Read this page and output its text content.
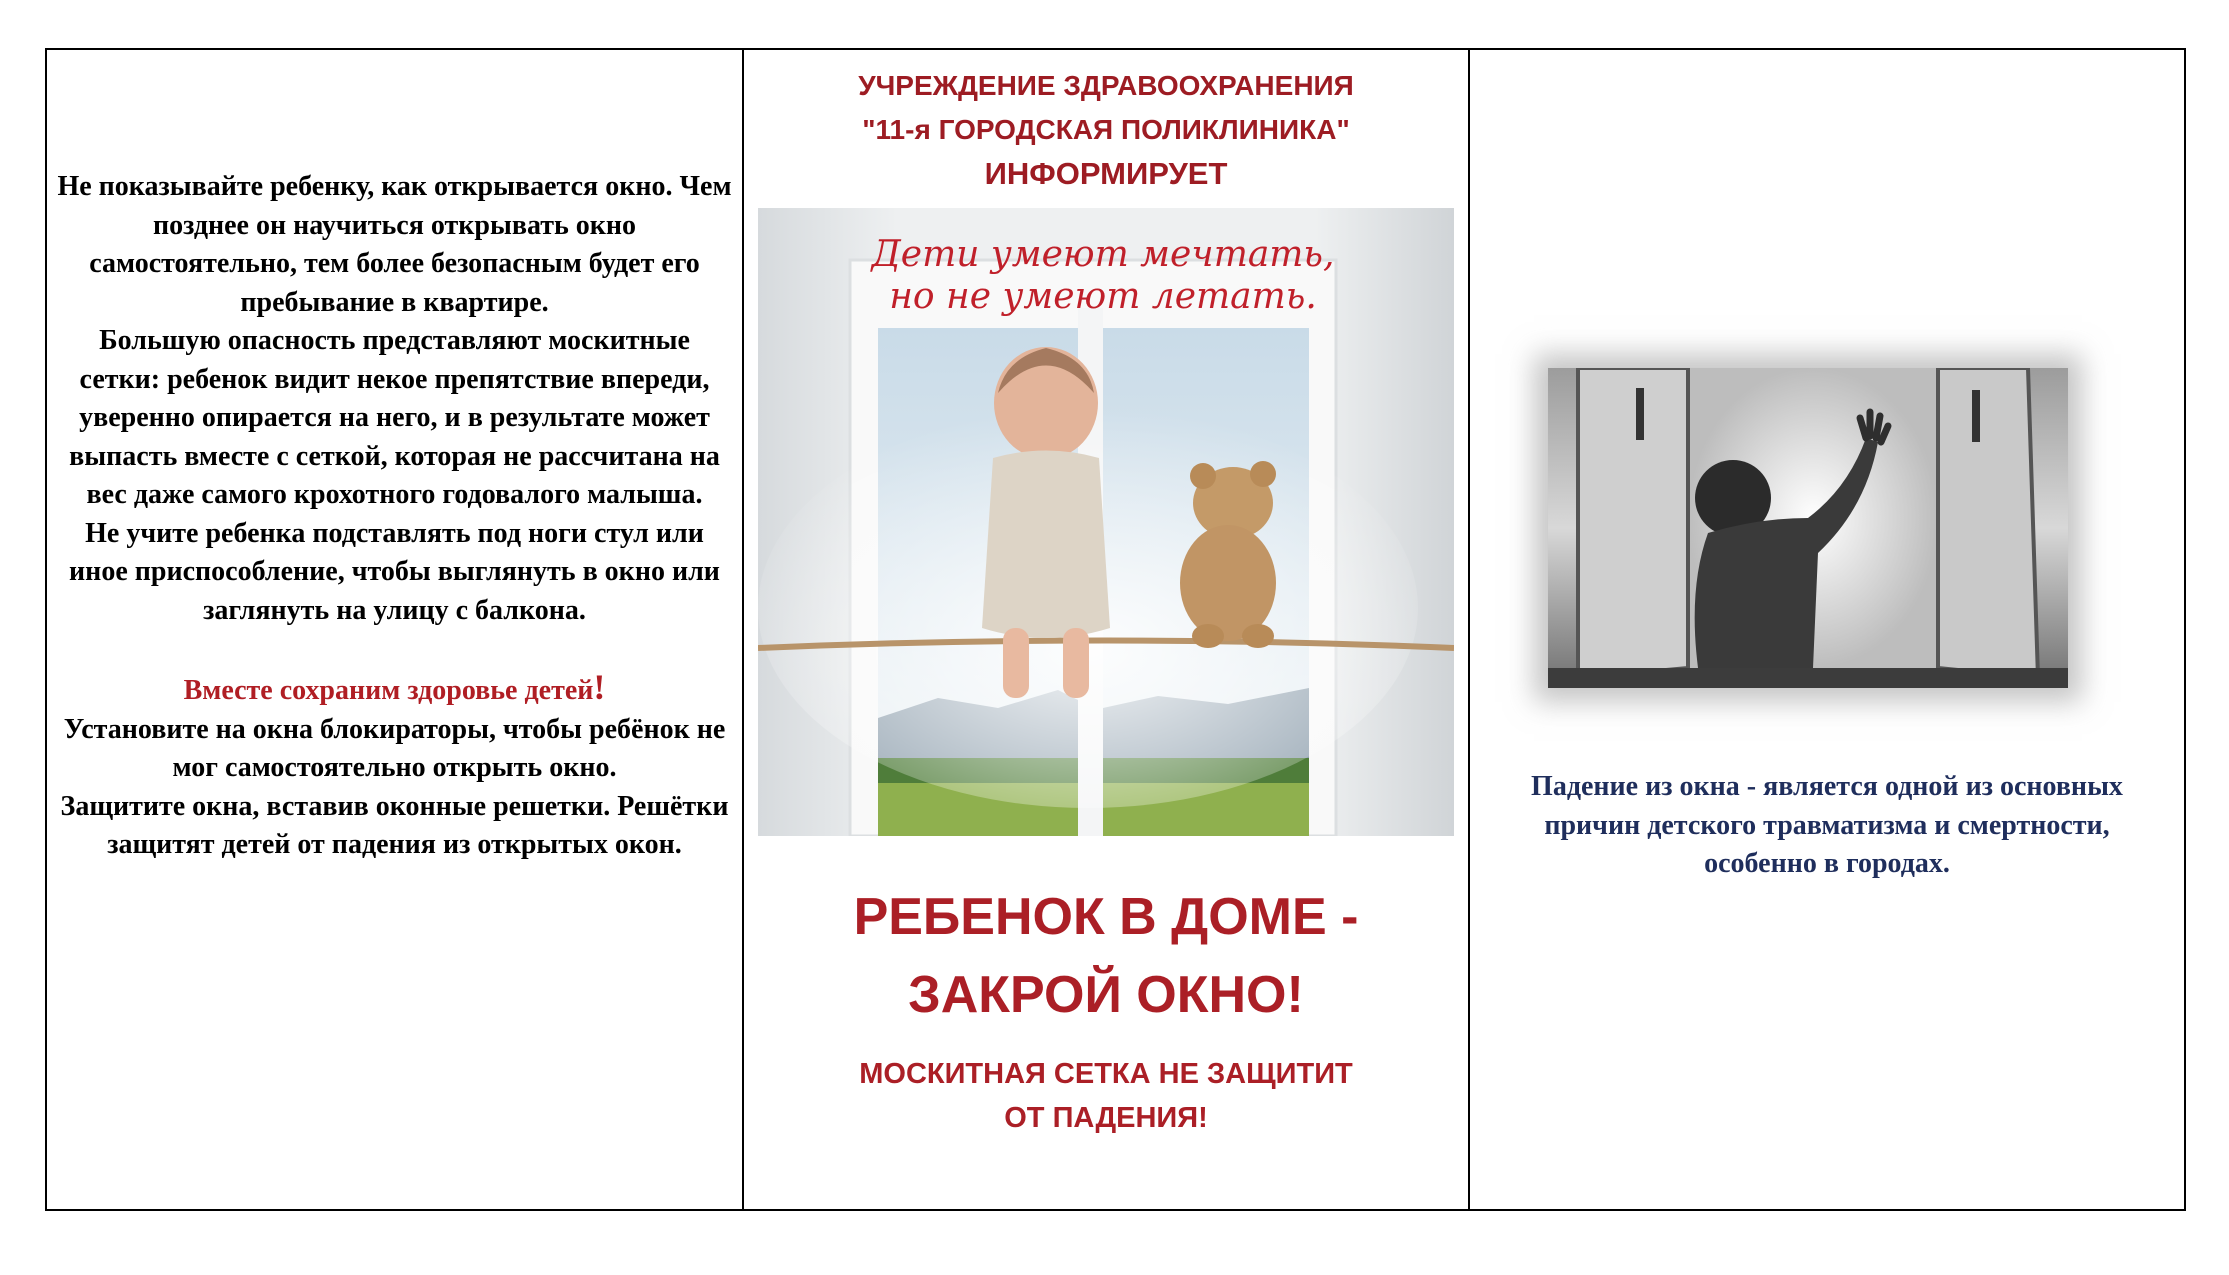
Не показывайте ребенку, как открывается окно. Чем позднее он научиться открывать окно самостоятельно, тем более безопасным будет его пребывание в квартире.

Большую опасность представляют москитные сетки: ребенок видит некое препятствие впереди, уверенно опирается на него, и в результате может выпасть вместе с сеткой, которая не рассчитана на вес даже самого крохотного годовалого малыша.

Не учите ребенка подставлять под ноги стул или иное приспособление, чтобы выглянуть в окно или заглянуть на улицу с балкона.

Вместе сохраним здоровье детей!

Установите на окна блокираторы, чтобы ребёнок не мог самостоятельно открыть окно.

Защитите окна, вставив оконные решетки. Решётки защитят детей от падения из открытых окон.

УЧРЕЖДЕНИЕ ЗДРАВООХРАНЕНИЯ
"11-я ГОРОДСКАЯ ПОЛИКЛИНИКА"
ИНФОРМИРУЕТ
Дети умеют мечтать,
но не умеют летать.
РЕБЕНОК В ДОМЕ -
ЗАКРОЙ ОКНО!
МОСКИТНАЯ СЕТКА НЕ ЗАЩИТИТ
ОТ ПАДЕНИЯ!
Падение из окна - является одной из основных причин детского травматизма и смертности, особенно в городах.
